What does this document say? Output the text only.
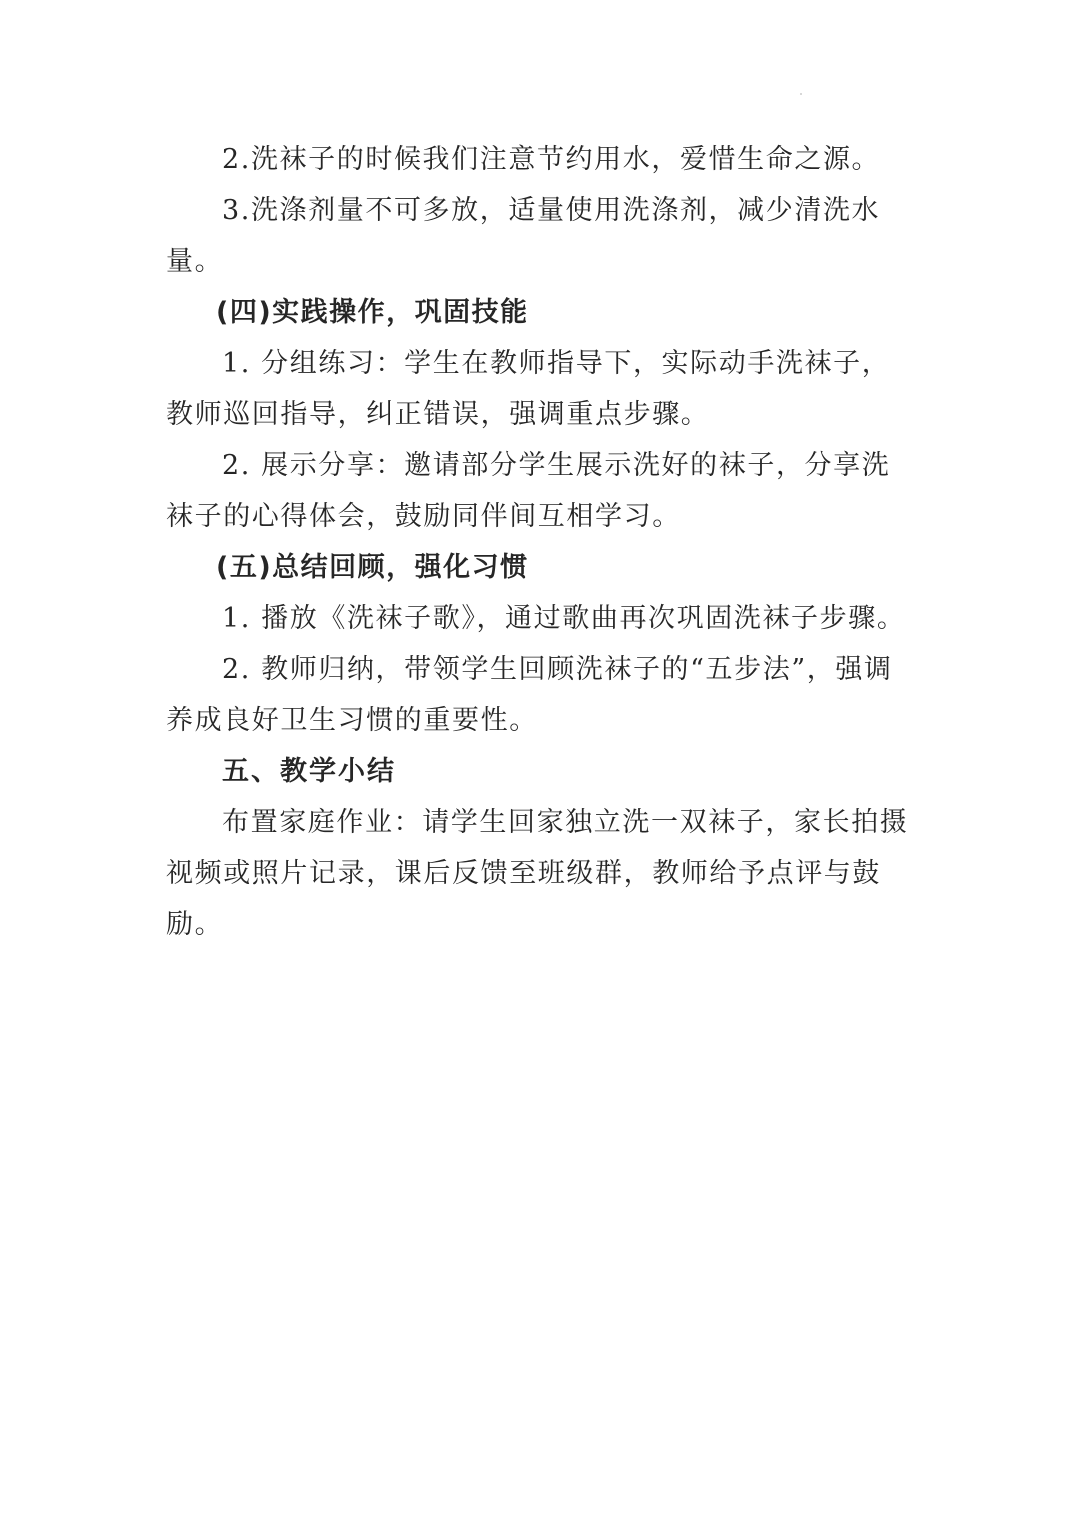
2.洗袜子的时候我们注意节约用水，爱惜生命之源。

3.洗涤剂量不可多放，适量使用洗涤剂，减少清洗水量。

(四)实践操作，巩固技能

1. 分组练习：学生在教师指导下，实际动手洗袜子，教师巡回指导，纠正错误，强调重点步骤。

2. 展示分享：邀请部分学生展示洗好的袜子，分享洗袜子的心得体会，鼓励同伴间互相学习。

(五)总结回顾，强化习惯

1. 播放《洗袜子歌》，通过歌曲再次巩固洗袜子步骤。

2. 教师归纳，带领学生回顾洗袜子的“五步法”，强调养成良好卫生习惯的重要性。

五、教学小结

布置家庭作业：请学生回家独立洗一双袜子，家长拍摄视频或照片记录，课后反馈至班级群，教师给予点评与鼓励。
